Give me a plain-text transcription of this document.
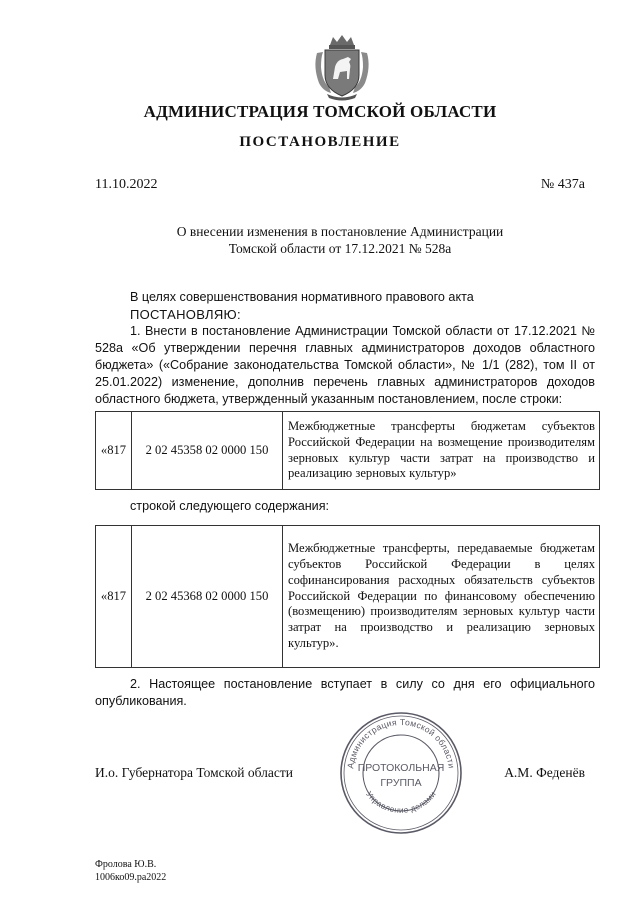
АДМИНИСТРАЦИЯ ТОМСКОЙ ОБЛАСТИ
ПОСТАНОВЛЕНИЕ
11.10.2022	№ 437а
О внесении изменения в постановление Администрации
Томской области от 17.12.2021 № 528а
В целях совершенствования нормативного правового акта
ПОСТАНОВЛЯЮ:
1. Внести в постановление Администрации Томской области от 17.12.2021 № 528а «Об утверждении перечня главных администраторов доходов областного бюджета» («Собрание законодательства Томской области», № 1/1 (282), том II от 25.01.2022) изменение, дополнив перечень главных администраторов доходов областного бюджета, утвержденный указанным постановлением, после строки:
«817	2 02 45358 02 0000 150	Межбюджетные трансферты бюджетам субъектов Российской Федерации на возмещение производителям зерновых культур части затрат на производство и реализацию зерновых культур»
строкой следующего содержания:
«817	2 02 45368 02 0000 150	Межбюджетные трансферты, передаваемые бюджетам субъектов Российской Федерации в целях софинансирования расходных обязательств субъектов Российской Федерации по финансовому обеспечению (возмещению) производителям зерновых культур части затрат на производство и реализацию зерновых культур».
2. Настоящее постановление вступает в силу со дня его официального опубликования.
И.о. Губернатора Томской области	А.М. Феденёв
Администрация Томской области
Управление делами
ПРОТОКОЛЬНАЯ
ГРУППА
Фролова Ю.В.
1006ко09.ра2022
